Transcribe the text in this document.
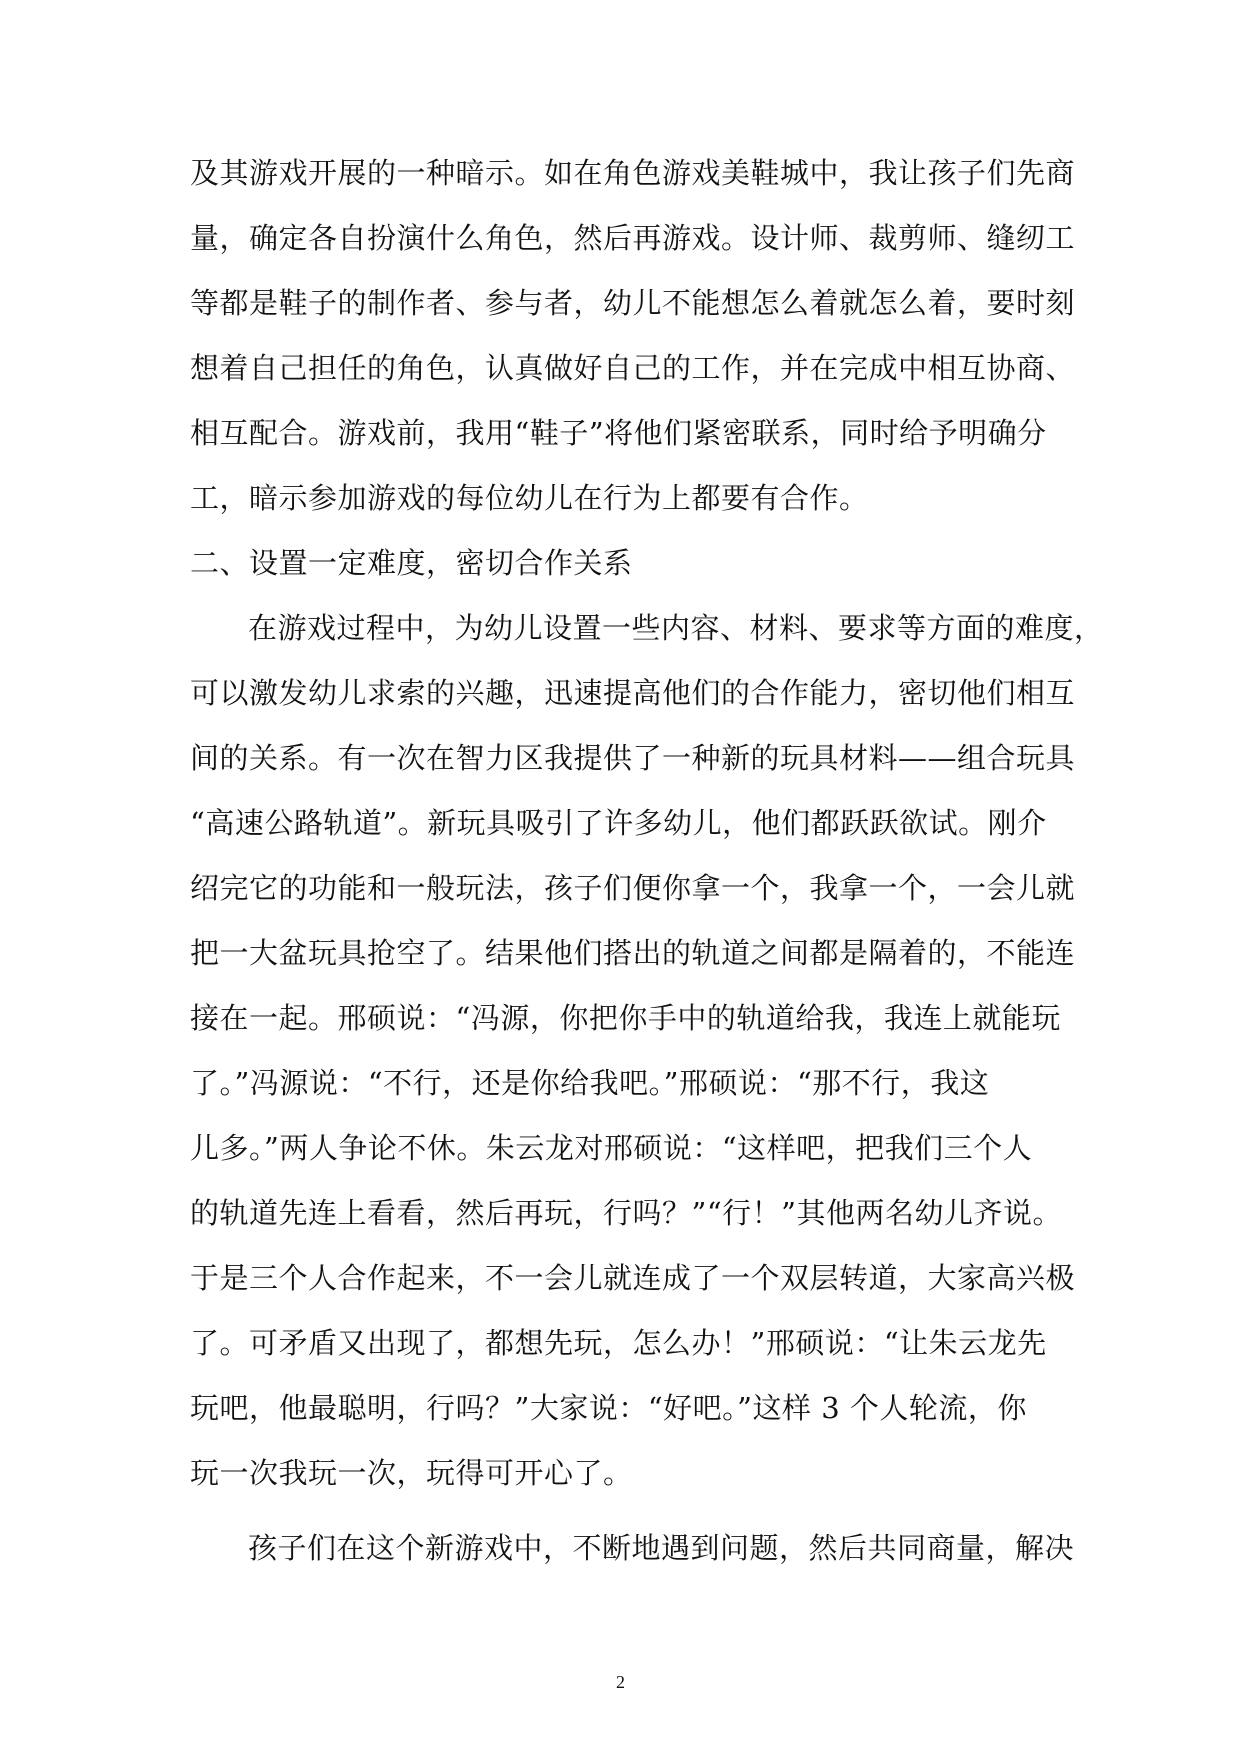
及其游戏开展的一种暗示。如在角色游戏美鞋城中，我让孩子们先商
量，确定各自扮演什么角色，然后再游戏。设计师、裁剪师、缝纫工
等都是鞋子的制作者、参与者，幼儿不能想怎么着就怎么着，要时刻
想着自己担任的角色，认真做好自己的工作，并在完成中相互协商、
相互配合。游戏前，我用“鞋子”将他们紧密联系，同时给予明确分
工，暗示参加游戏的每位幼儿在行为上都要有合作。
二、设置一定难度，密切合作关系
在游戏过程中，为幼儿设置一些内容、材料、要求等方面的难度，
可以激发幼儿求索的兴趣，迅速提高他们的合作能力，密切他们相互
间的关系。有一次在智力区我提供了一种新的玩具材料——组合玩具
“高速公路轨道”。新玩具吸引了许多幼儿，他们都跃跃欲试。刚介
绍完它的功能和一般玩法，孩子们便你拿一个，我拿一个，一会儿就
把一大盆玩具抢空了。结果他们搭出的轨道之间都是隔着的，不能连
接在一起。邢硕说：“冯源，你把你手中的轨道给我，我连上就能玩
了。”冯源说：“不行，还是你给我吧。”邢硕说：“那不行，我这
儿多。”两人争论不休。朱云龙对邢硕说：“这样吧，把我们三个人
的轨道先连上看看，然后再玩，行吗？”“行！”其他两名幼儿齐说。
于是三个人合作起来，不一会儿就连成了一个双层转道，大家高兴极
了。可矛盾又出现了，都想先玩，怎么办！”邢硕说：“让朱云龙先
玩吧，他最聪明，行吗？”大家说：“好吧。”这样 3 个人轮流，你
玩一次我玩一次，玩得可开心了。
孩子们在这个新游戏中，不断地遇到问题，然后共同商量，解决
2
